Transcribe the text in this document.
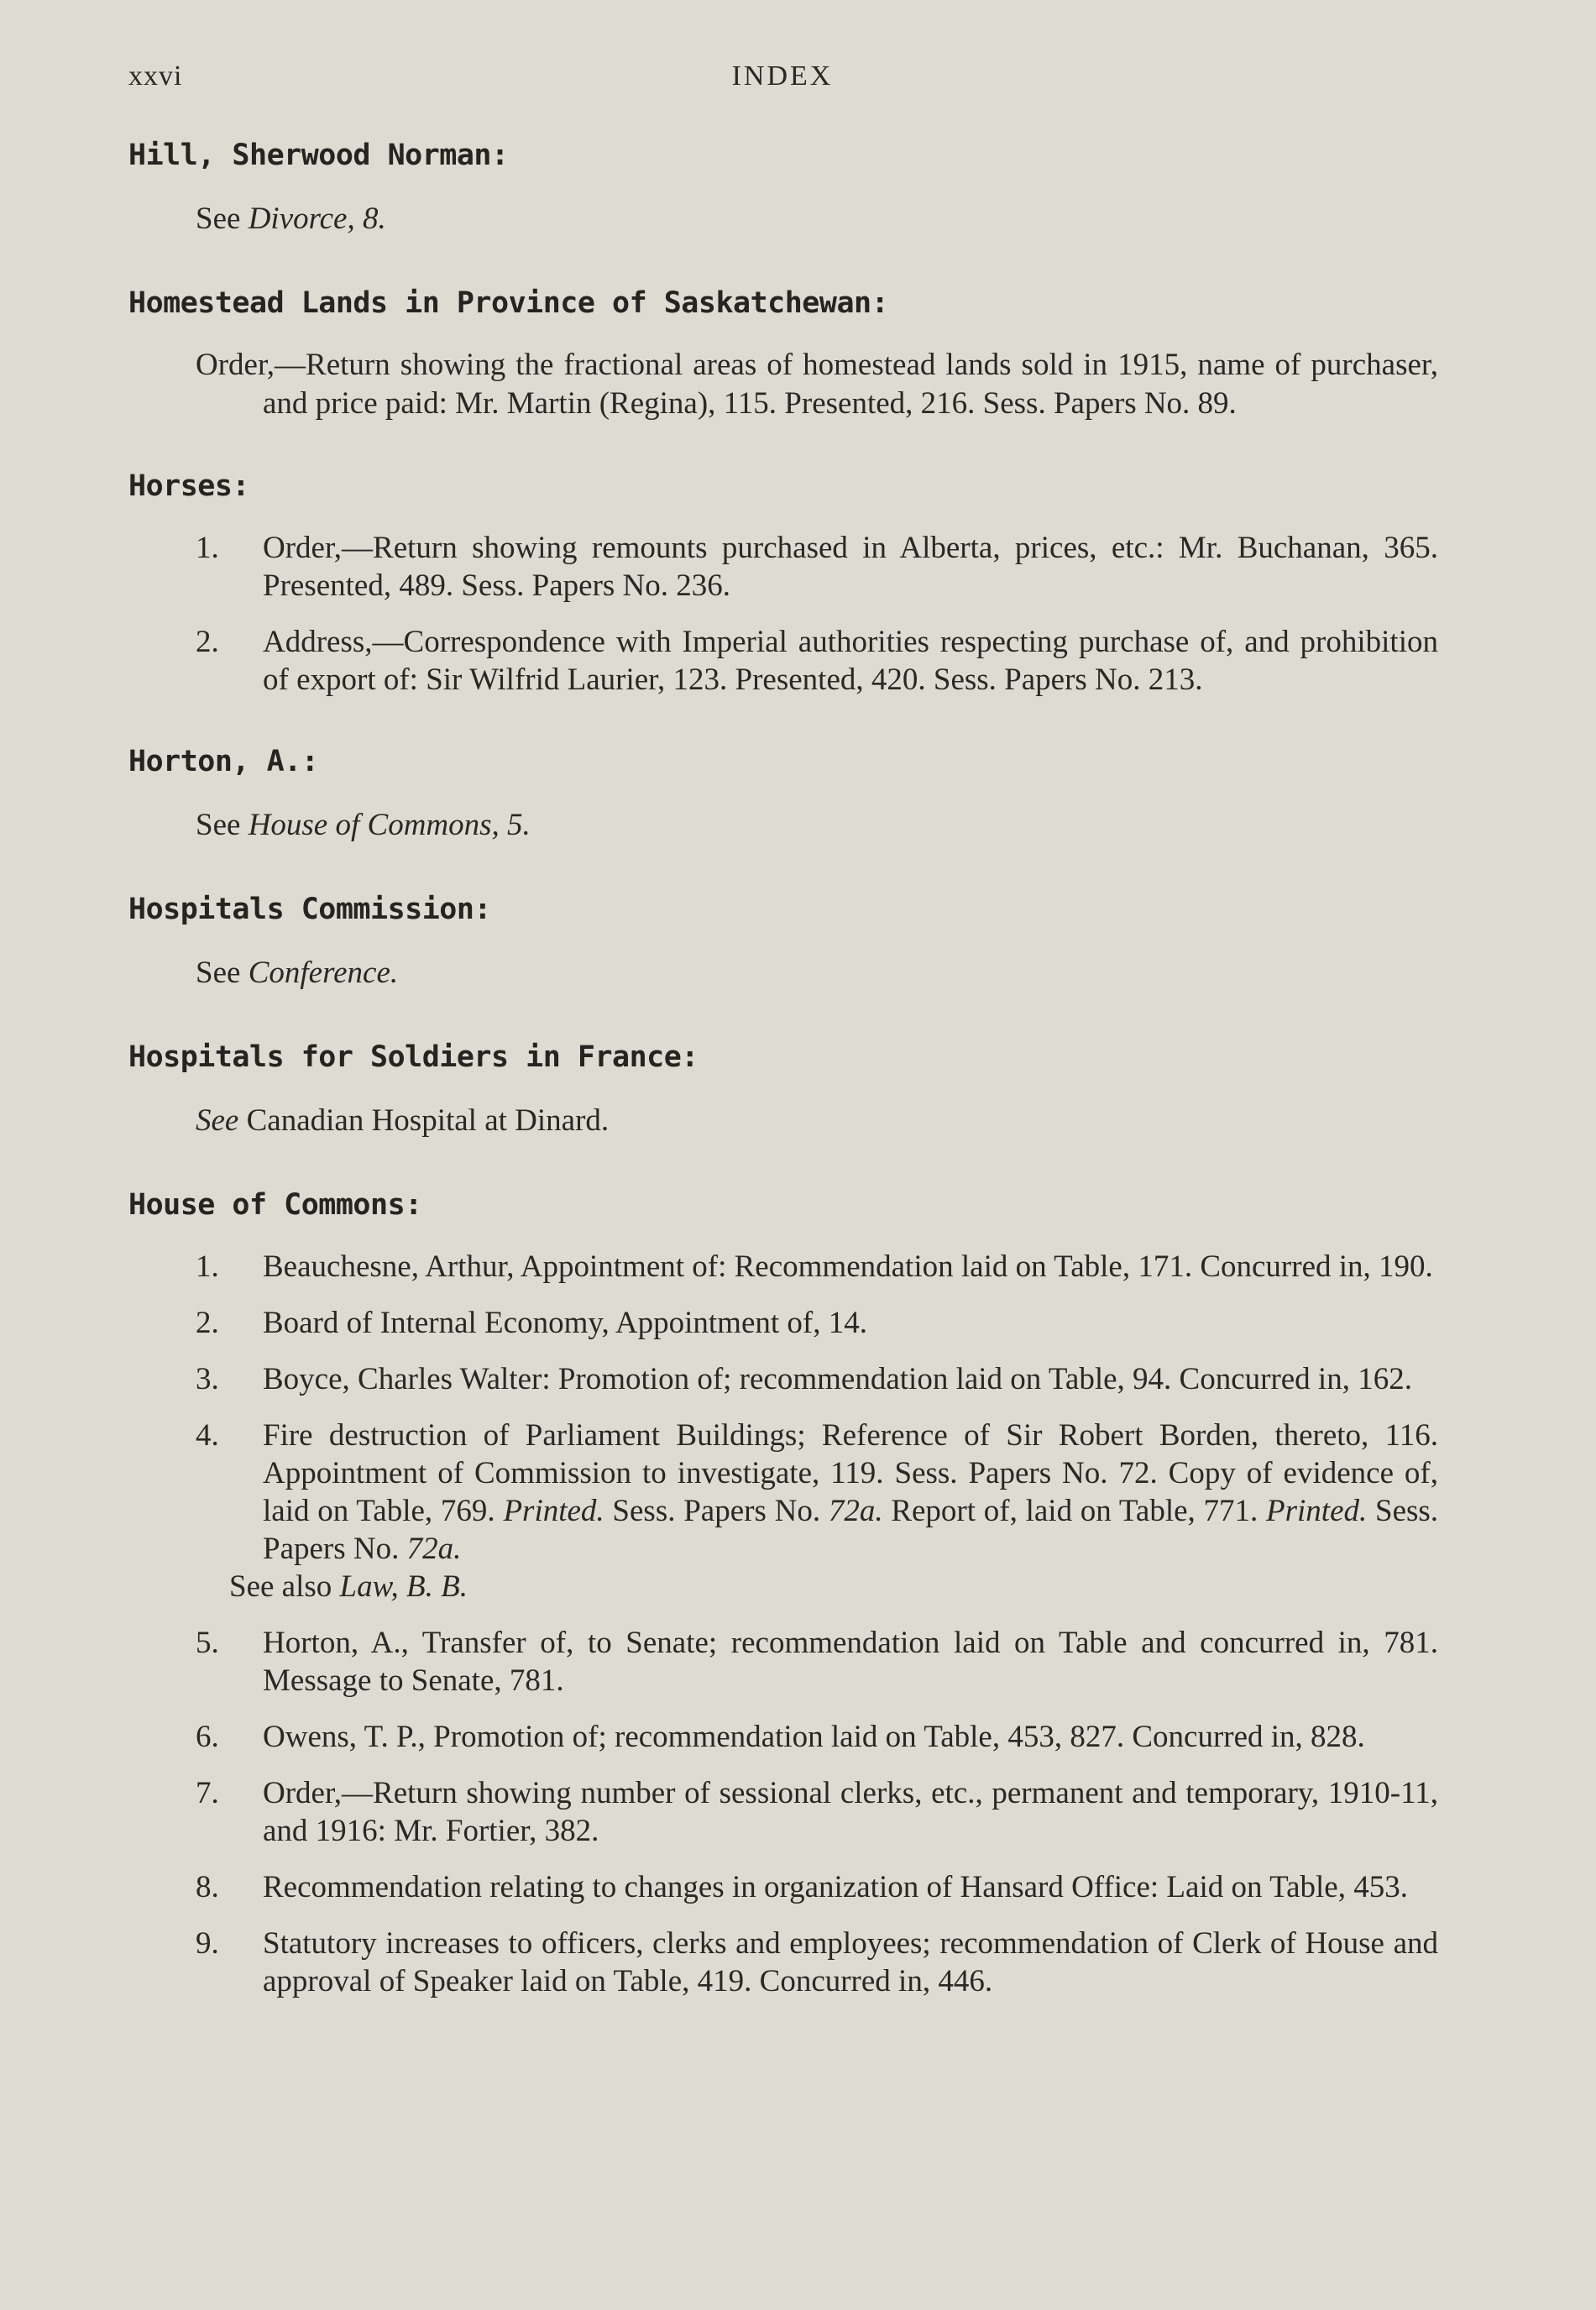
xxvi	INDEX
Hill, Sherwood Norman:
See Divorce, 8.
Homestead Lands in Province of Saskatchewan:
Order,—Return showing the fractional areas of homestead lands sold in 1915, name of purchaser, and price paid: Mr. Martin (Regina), 115. Presented, 216. Sess. Papers No. 89.
Horses:
1. Order,—Return showing remounts purchased in Alberta, prices, etc.: Mr. Buchanan, 365. Presented, 489. Sess. Papers No. 236.
2. Address,—Correspondence with Imperial authorities respecting purchase of, and prohibition of export of: Sir Wilfrid Laurier, 123. Presented, 420. Sess. Papers No. 213.
Horton, A.:
See House of Commons, 5.
Hospitals Commission:
See Conference.
Hospitals for Soldiers in France:
See Canadian Hospital at Dinard.
House of Commons:
1. Beauchesne, Arthur, Appointment of: Recommendation laid on Table, 171. Concurred in, 190.
2. Board of Internal Economy, Appointment of, 14.
3. Boyce, Charles Walter: Promotion of; recommendation laid on Table, 94. Concurred in, 162.
4. Fire destruction of Parliament Buildings; Reference of Sir Robert Borden, thereto, 116. Appointment of Commission to investigate, 119. Sess. Papers No. 72. Copy of evidence of, laid on Table, 769. Printed. Sess. Papers No. 72a. Report of, laid on Table, 771. Printed. Sess. Papers No. 72a.
See also Law, B. B.
5. Horton, A., Transfer of, to Senate; recommendation laid on Table and concurred in, 781. Message to Senate, 781.
6. Owens, T. P., Promotion of; recommendation laid on Table, 453, 827. Concurred in, 828.
7. Order,—Return showing number of sessional clerks, etc., permanent and temporary, 1910-11, and 1916: Mr. Fortier, 382.
8. Recommendation relating to changes in organization of Hansard Office: Laid on Table, 453.
9. Statutory increases to officers, clerks and employees; recommendation of Clerk of House and approval of Speaker laid on Table, 419. Concurred in, 446.
